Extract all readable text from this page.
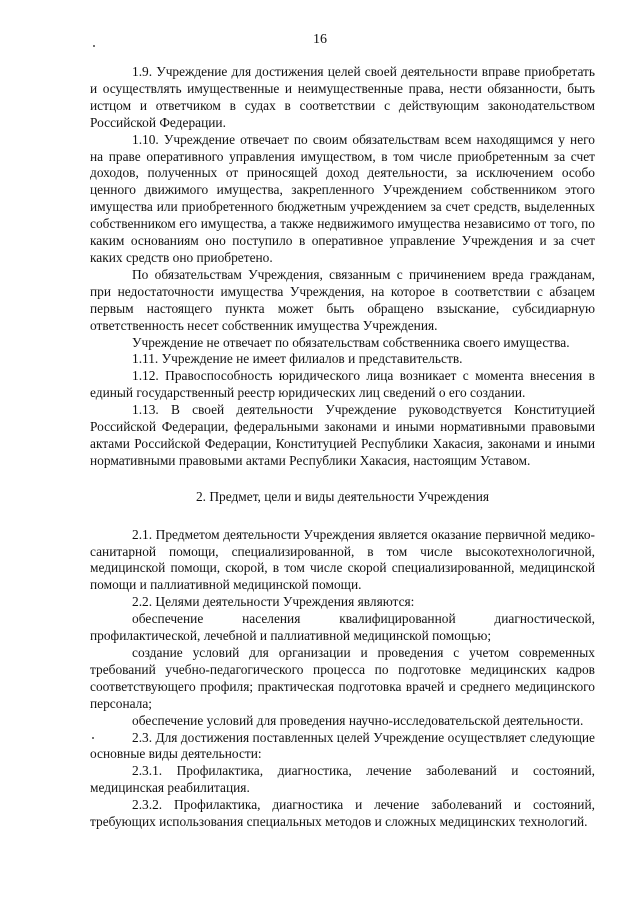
16

1.9. Учреждение для достижения целей своей деятельности вправе приобретать и осуществлять имущественные и неимущественные права, нести обязанности, быть истцом и ответчиком в судах в соответствии с действующим законодательством Российской Федерации.

1.10. Учреждение отвечает по своим обязательствам всем находящимся у него на праве оперативного управления имуществом, в том числе приобретенным за счет доходов, полученных от приносящей доход деятельности, за исключением особо ценного движимого имущества, закрепленного Учреждением собственником этого имущества или приобретенного бюджетным учреждением за счет средств, выделенных собственником его имущества, а также недвижимого имущества независимо от того, по каким основаниям оно поступило в оперативное управление Учреждения и за счет каких средств оно приобретено.

По обязательствам Учреждения, связанным с причинением вреда гражданам, при недостаточности имущества Учреждения, на которое в соответствии с абзацем первым настоящего пункта может быть обращено взыскание, субсидиарную ответственность несет собственник имущества Учреждения.

Учреждение не отвечает по обязательствам собственника своего имущества.

1.11. Учреждение не имеет филиалов и представительств.

1.12. Правоспособность юридического лица возникает с момента внесения в единый государственный реестр юридических лиц сведений о его создании.

1.13. В своей деятельности Учреждение руководствуется Конституцией Российской Федерации, федеральными законами и иными нормативными правовыми актами Российской Федерации, Конституцией Республики Хакасия, законами и иными нормативными правовыми актами Республики Хакасия, настоящим Уставом.

2. Предмет, цели и виды деятельности Учреждения

2.1. Предметом деятельности Учреждения является оказание первичной медико-санитарной помощи, специализированной, в том числе высокотехнологичной, медицинской помощи, скорой, в том числе скорой специализированной, медицинской помощи и паллиативной медицинской помощи.

2.2. Целями деятельности Учреждения являются:

обеспечение населения квалифицированной диагностической, профилактической, лечебной и паллиативной медицинской помощью;

создание условий для организации и проведения с учетом современных требований учебно-педагогического процесса по подготовке медицинских кадров соответствующего профиля; практическая подготовка врачей и среднего медицинского персонала;

обеспечение условий для проведения научно-исследовательской деятельности.

2.3. Для достижения поставленных целей Учреждение осуществляет следующие основные виды деятельности:

2.3.1. Профилактика, диагностика, лечение заболеваний и состояний, медицинская реабилитация.

2.3.2. Профилактика, диагностика и лечение заболеваний и состояний, требующих использования специальных методов и сложных медицинских технологий.
